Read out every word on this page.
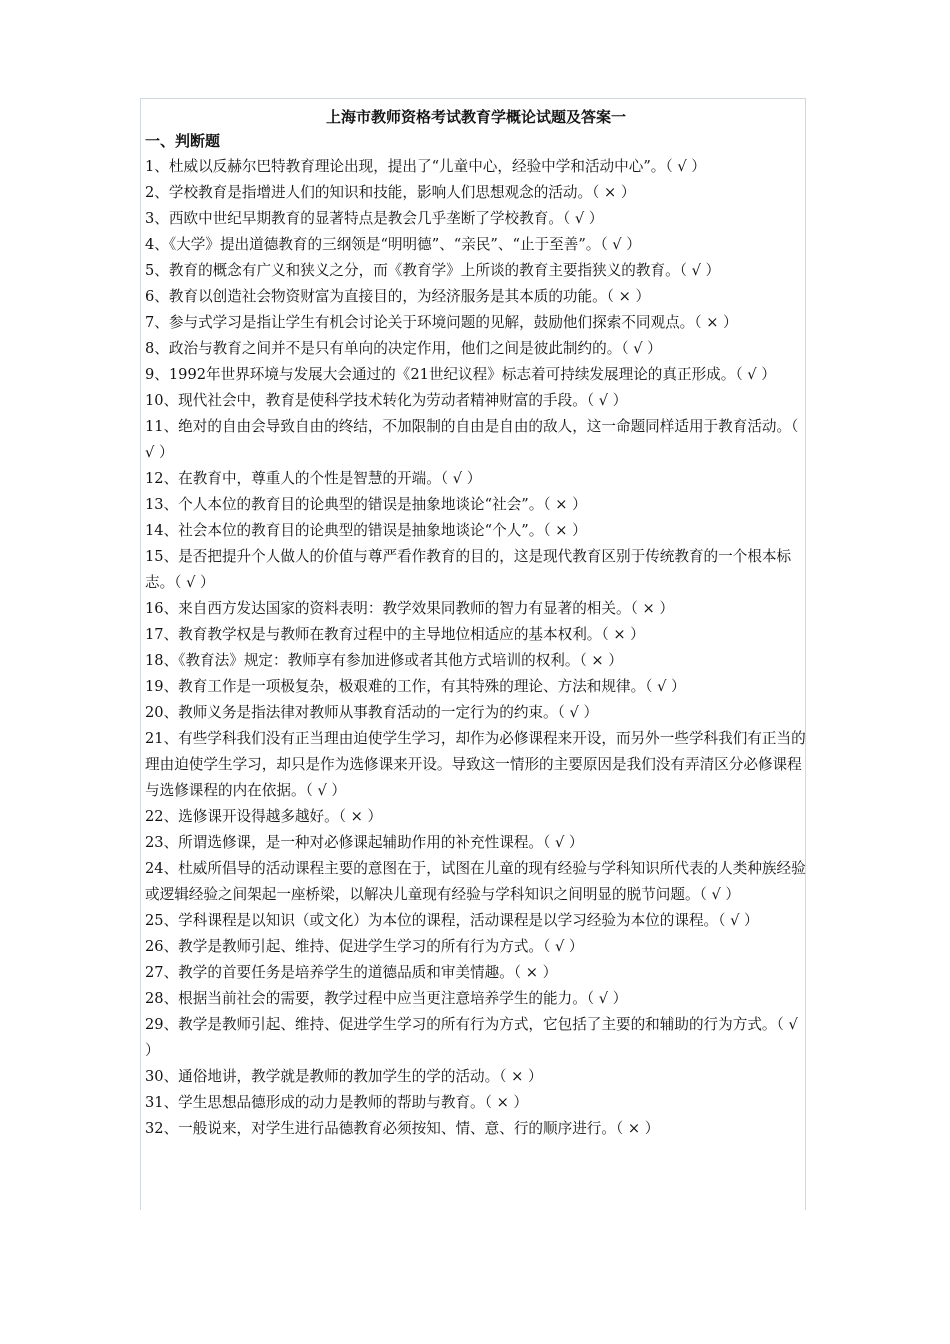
上海市教师资格考试教育学概论试题及答案一
一、判断题

1、杜威以反赫尔巴特教育理论出现，提出了“儿童中心，经验中学和活动中心”。（ √ ）

2、学校教育是指增进人们的知识和技能，影响人们思想观念的活动。（ × ）

3、西欧中世纪早期教育的显著特点是教会几乎垄断了学校教育。（ √ ）

4、《大学》提出道德教育的三纲领是“明明德”、“亲民”、“止于至善”。（ √ ）

5、教育的概念有广义和狭义之分，而《教育学》上所谈的教育主要指狭义的教育。（ √ ）

6、教育以创造社会物资财富为直接目的，为经济服务是其本质的功能。（ × ）

7、参与式学习是指让学生有机会讨论关于环境问题的见解，鼓励他们探索不同观点。（ × ）

8、政治与教育之间并不是只有单向的决定作用，他们之间是彼此制约的。（ √ ）

9、1992年世界环境与发展大会通过的《21世纪议程》标志着可持续发展理论的真正形成。（ √ ）

10、现代社会中，教育是使科学技术转化为劳动者精神财富的手段。（ √ ）

11、绝对的自由会导致自由的终结，不加限制的自由是自由的敌人，这一命题同样适用于教育活动。（ √ ）

12、在教育中，尊重人的个性是智慧的开端。（ √ ）

13、个人本位的教育目的论典型的错误是抽象地谈论“社会”。（ × ）

14、社会本位的教育目的论典型的错误是抽象地谈论“个人”。（ × ）

15、是否把提升个人做人的价值与尊严看作教育的目的，这是现代教育区别于传统教育的一个根本标志。（ √ ）

16、来自西方发达国家的资料表明：教学效果同教师的智力有显著的相关。（ × ）

17、教育教学权是与教师在教育过程中的主导地位相适应的基本权利。（ × ）

18、《教育法》规定：教师享有参加进修或者其他方式培训的权利。（ × ）

19、教育工作是一项极复杂，极艰难的工作，有其特殊的理论、方法和规律。（ √ ）

20、教师义务是指法律对教师从事教育活动的一定行为的约束。（ √ ）

21、有些学科我们没有正当理由迫使学生学习，却作为必修课程来开设，而另外一些学科我们有正当的理由迫使学生学习，却只是作为选修课来开设。导致这一情形的主要原因是我们没有弄清区分必修课程与选修课程的内在依据。（ √ ）

22、选修课开设得越多越好。（ × ）

23、所谓选修课，是一种对必修课起辅助作用的补充性课程。（ √ ）

24、杜威所倡导的活动课程主要的意图在于，试图在儿童的现有经验与学科知识所代表的人类种族经验或逻辑经验之间架起一座桥梁，以解决儿童现有经验与学科知识之间明显的脱节问题。（ √ ）

25、学科课程是以知识（或文化）为本位的课程，活动课程是以学习经验为本位的课程。（ √ ）

26、教学是教师引起、维持、促进学生学习的所有行为方式。（ √ ）

27、教学的首要任务是培养学生的道德品质和审美情趣。（ × ）

28、根据当前社会的需要，教学过程中应当更注意培养学生的能力。（ √ ）

29、教学是教师引起、维持、促进学生学习的所有行为方式，它包括了主要的和辅助的行为方式。（ √ ）

30、通俗地讲，教学就是教师的教加学生的学的活动。（ × ）

31、学生思想品德形成的动力是教师的帮助与教育。（ × ）

32、一般说来，对学生进行品德教育必须按知、情、意、行的顺序进行。（ × ）
